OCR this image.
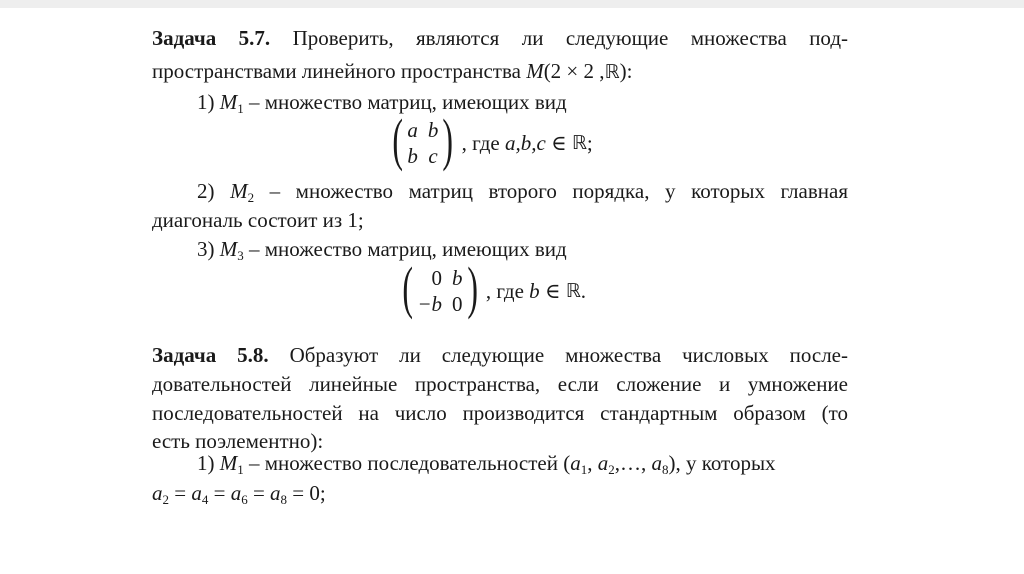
Задача 5.7. Проверить, являются ли следующие множества под-
пространствами линейного пространства M(2 × 2 ,ℝ):
1) $M_1$ – множество матриц, имеющих вид
( a b
b c ) , где
a,b,c ∈
ℝ ;
2) $M_2$ – множество матриц второго порядка, у которых главная
диагональ состоит из 1;
3) $M_3$ – множество матриц, имеющих вид
( 0 b
−b 0 ) , где
b ∈
ℝ .
Задача 5.8. Образуют ли следующие множества числовых после-
довательностей линейные пространства, если сложение и умножение
последовательностей на число производится стандартным образом (то
есть поэлементно):
1) $M_1$ – множество последовательностей ($a_1$, $a_2,\dots$, $a_8$), у которых
$a_2 = a_4 = a_6 = a_8 = 0$;
